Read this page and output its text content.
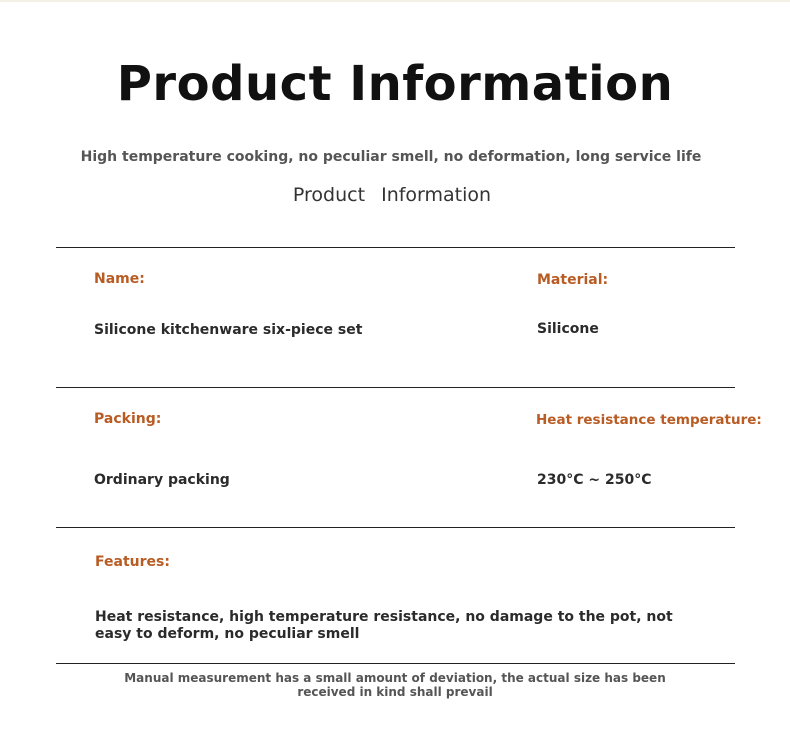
Product Information
High temperature cooking, no peculiar smell, no deformation, long service life
Product Information
Name:
Silicone kitchenware six-piece set
Material:
Silicone
Packing:
Ordinary packing
Heat resistance temperature:
230°C ~ 250°C
Features:
Heat resistance, high temperature resistance, no damage to the pot, not easy to deform, no peculiar smell
Manual measurement has a small amount of deviation, the actual size has been received in kind shall prevail
